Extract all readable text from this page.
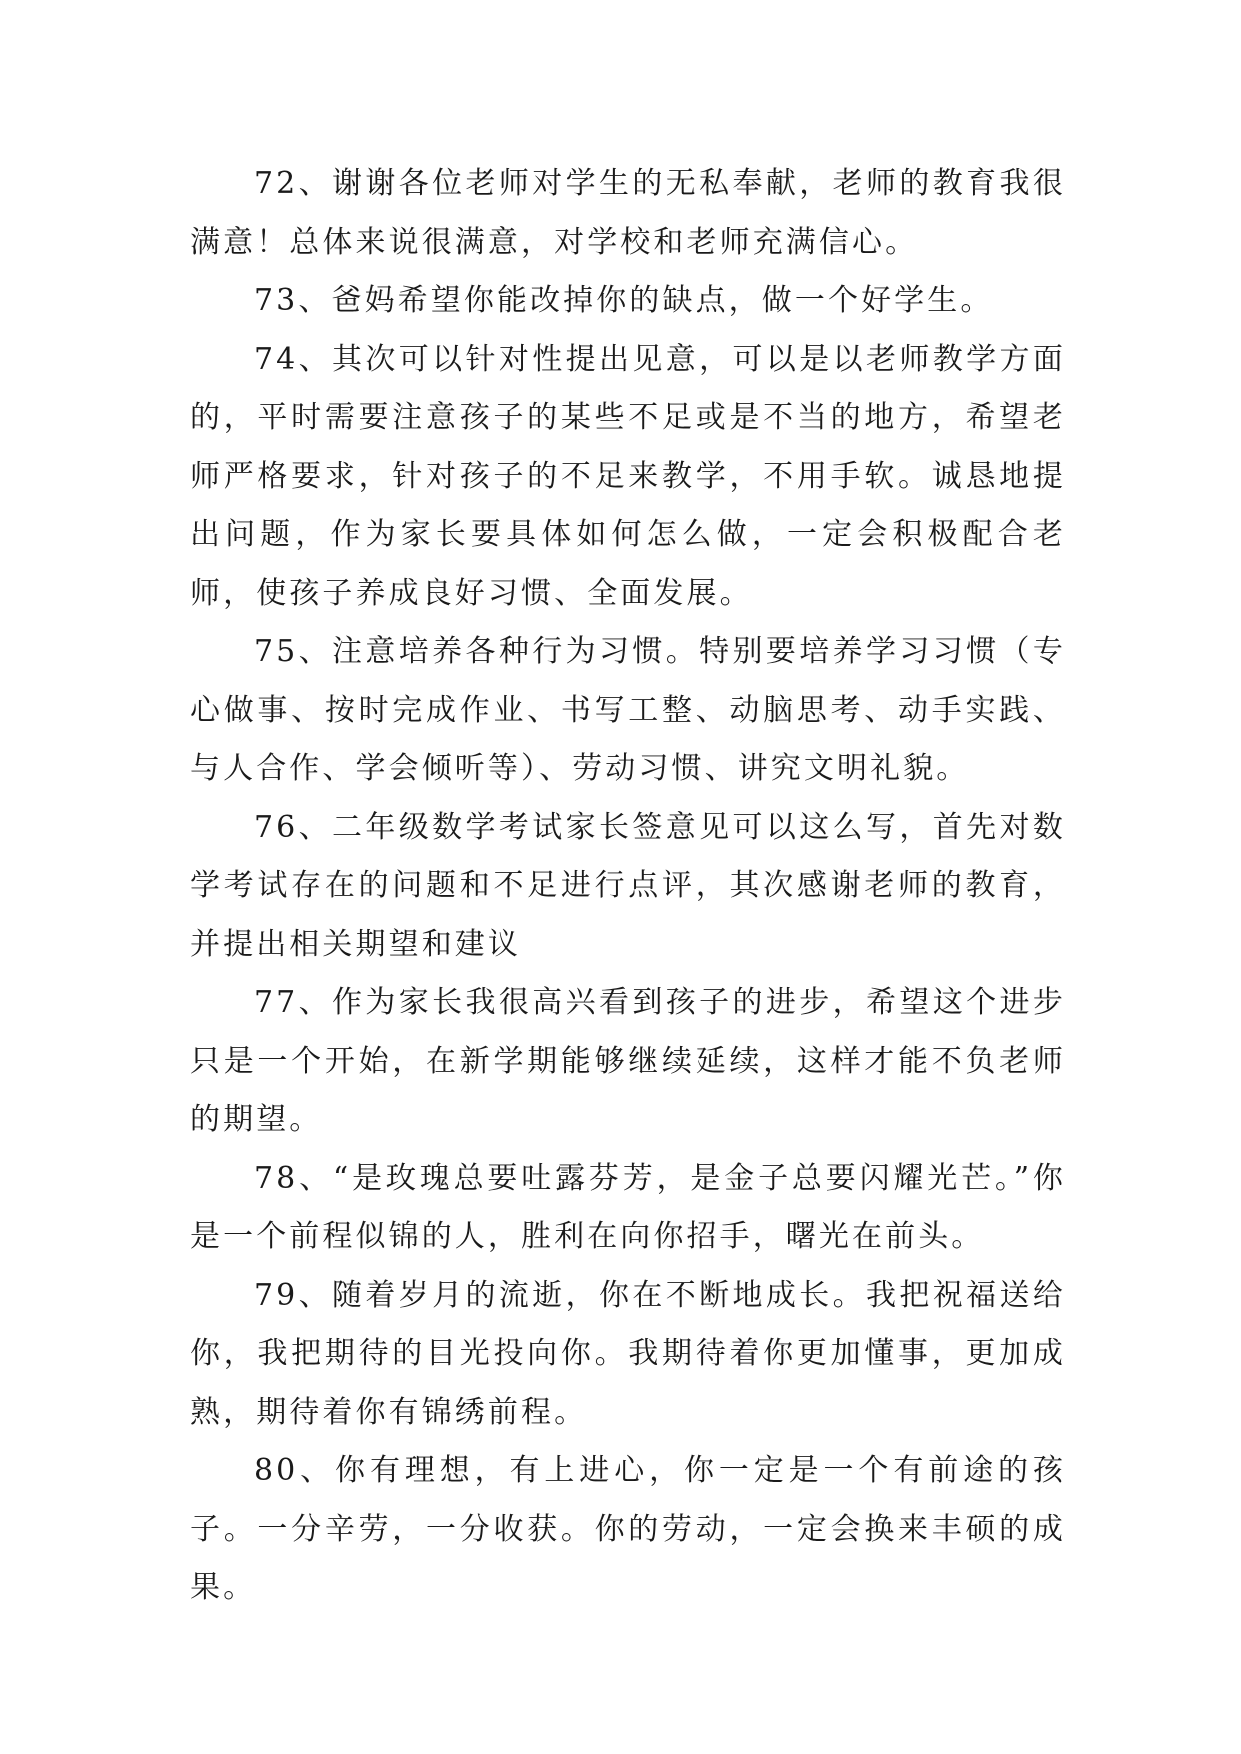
72、谢谢各位老师对学生的无私奉献，老师的教育我很满意！总体来说很满意，对学校和老师充满信心。

73、爸妈希望你能改掉你的缺点，做一个好学生。

74、其次可以针对性提出见意，可以是以老师教学方面的，平时需要注意孩子的某些不足或是不当的地方，希望老师严格要求，针对孩子的不足来教学，不用手软。诚恳地提出问题，作为家长要具体如何怎么做，一定会积极配合老师，使孩子养成良好习惯、全面发展。

75、注意培养各种行为习惯。特别要培养学习习惯（专心做事、按时完成作业、书写工整、动脑思考、动手实践、与人合作、学会倾听等）、劳动习惯、讲究文明礼貌。

76、二年级数学考试家长签意见可以这么写，首先对数学考试存在的问题和不足进行点评，其次感谢老师的教育，并提出相关期望和建议

77、作为家长我很高兴看到孩子的进步，希望这个进步只是一个开始，在新学期能够继续延续，这样才能不负老师的期望。

78、“是玫瑰总要吐露芬芳，是金子总要闪耀光芒。”你是一个前程似锦的人，胜利在向你招手，曙光在前头。

79、随着岁月的流逝，你在不断地成长。我把祝福送给你，我把期待的目光投向你。我期待着你更加懂事，更加成熟，期待着你有锦绣前程。

80、你有理想，有上进心，你一定是一个有前途的孩子。一分辛劳，一分收获。你的劳动，一定会换来丰硕的成果。
